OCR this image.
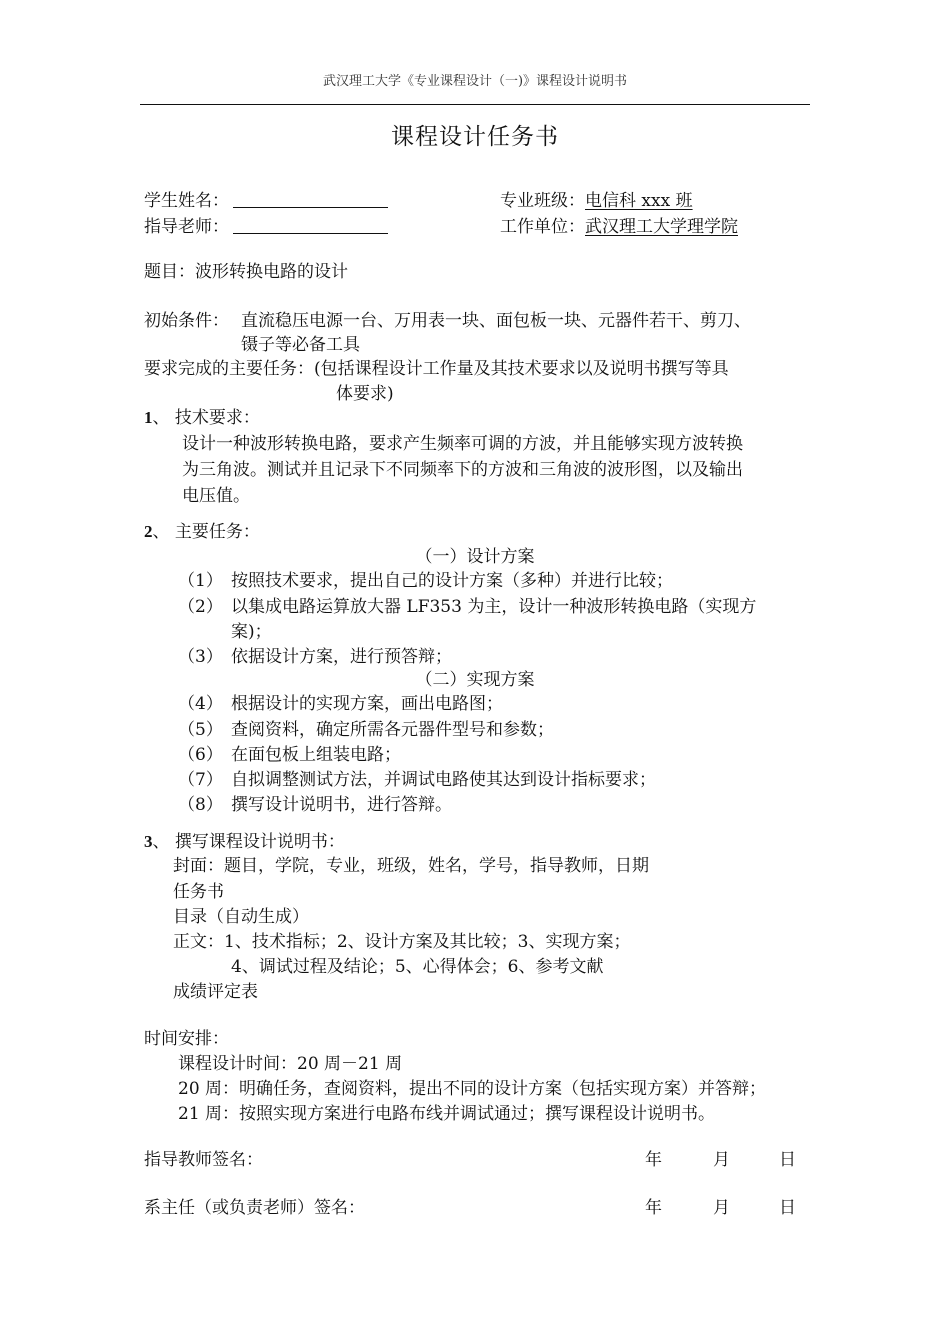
武汉理工大学《专业课程设计（一)》课程设计说明书
课程设计任务书
学生姓名：	专业班级：电信科 xxx 班
指导老师：	工作单位：武汉理工大学理学院
题目：波形转换电路的设计
初始条件： 直流稳压电源一台、万用表一块、面包板一块、元器件若干、剪刀、
镊子等必备工具
要求完成的主要任务：(包括课程设计工作量及其技术要求以及说明书撰写等具
体要求)
1、 技术要求：
设计一种波形转换电路，要求产生频率可调的方波，并且能够实现方波转换
为三角波。测试并且记录下不同频率下的方波和三角波的波形图，以及输出
电压值。
2、 主要任务：
（一）设计方案
（1） 按照技术要求，提出自己的设计方案（多种）并进行比较；
（2） 以集成电路运算放大器 LF353 为主，设计一种波形转换电路（实现方
案)；
（3） 依据设计方案，进行预答辩；
（二）实现方案
（4） 根据设计的实现方案，画出电路图；
（5） 查阅资料，确定所需各元器件型号和参数；
（6） 在面包板上组装电路；
（7） 自拟调整测试方法，并调试电路使其达到设计指标要求；
（8） 撰写设计说明书，进行答辩。
3、 撰写课程设计说明书：
封面：题目，学院，专业，班级，姓名，学号，指导教师，日期
任务书
目录（自动生成）
正文：1、技术指标；2、设计方案及其比较；3、实现方案；
4、调试过程及结论；5、心得体会；6、参考文献
成绩评定表
时间安排：
课程设计时间：20 周－21 周
20 周：明确任务，查阅资料，提出不同的设计方案（包括实现方案）并答辩；
21 周：按照实现方案进行电路布线并调试通过；撰写课程设计说明书。
指导教师签名：	年	月	日
系主任（或负责老师）签名：	年	月	日
